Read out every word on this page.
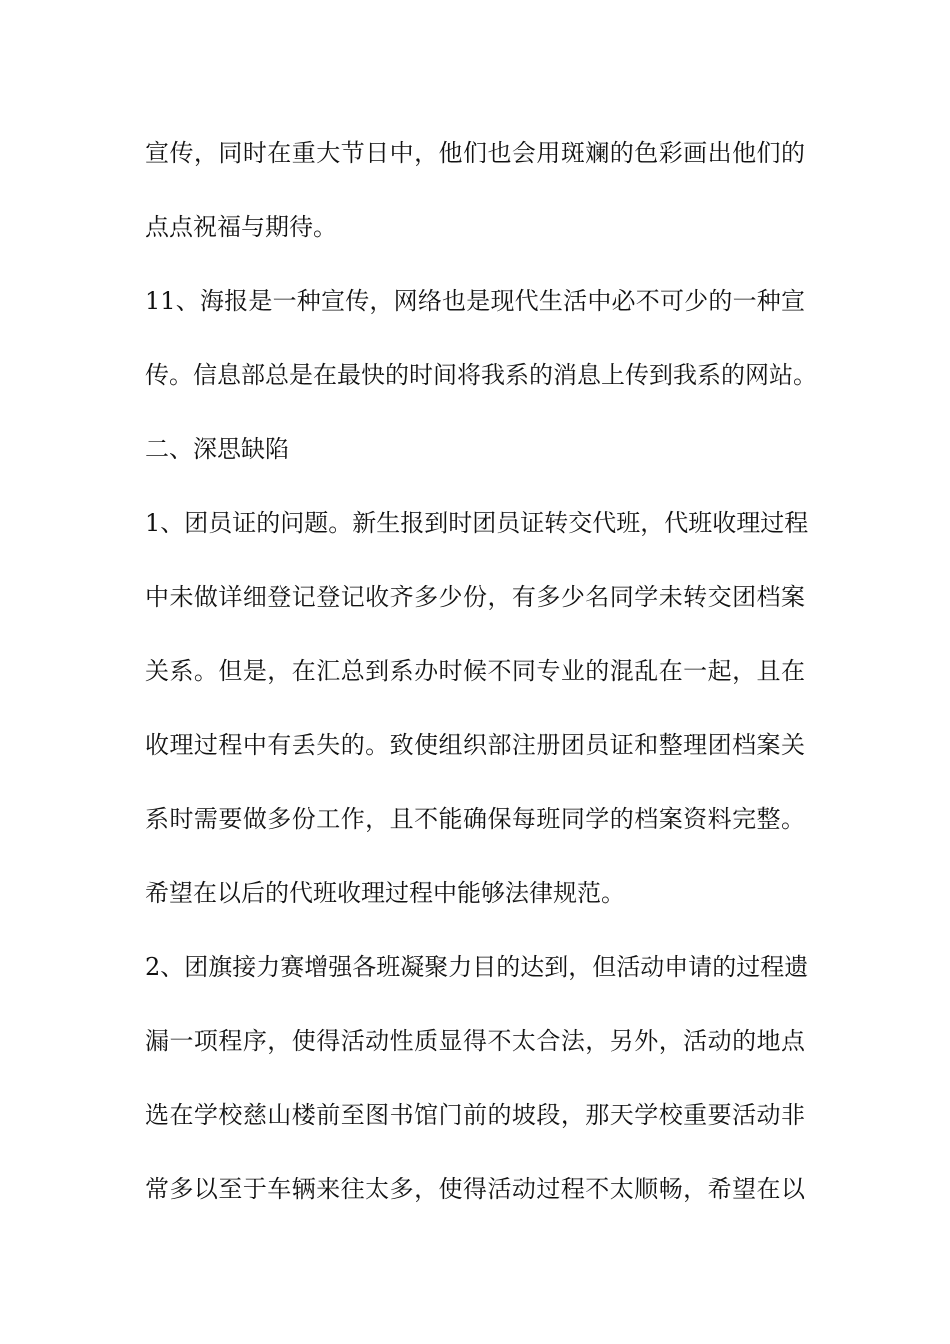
宣传，同时在重大节日中，他们也会用斑斓的色彩画出他们的

点点祝福与期待。

11、海报是一种宣传，网络也是现代生活中必不可少的一种宣

传。信息部总是在最快的时间将我系的消息上传到我系的网站。

二、深思缺陷

1、团员证的问题。新生报到时团员证转交代班，代班收理过程

中未做详细登记登记收齐多少份，有多少名同学未转交团档案

关系。但是，在汇总到系办时候不同专业的混乱在一起，且在

收理过程中有丢失的。致使组织部注册团员证和整理团档案关

系时需要做多份工作，且不能确保每班同学的档案资料完整。

希望在以后的代班收理过程中能够法律规范。

2、团旗接力赛增强各班凝聚力目的达到，但活动申请的过程遗

漏一项程序，使得活动性质显得不太合法，另外，活动的地点

选在学校慈山楼前至图书馆门前的坡段，那天学校重要活动非

常多以至于车辆来往太多，使得活动过程不太顺畅，希望在以
